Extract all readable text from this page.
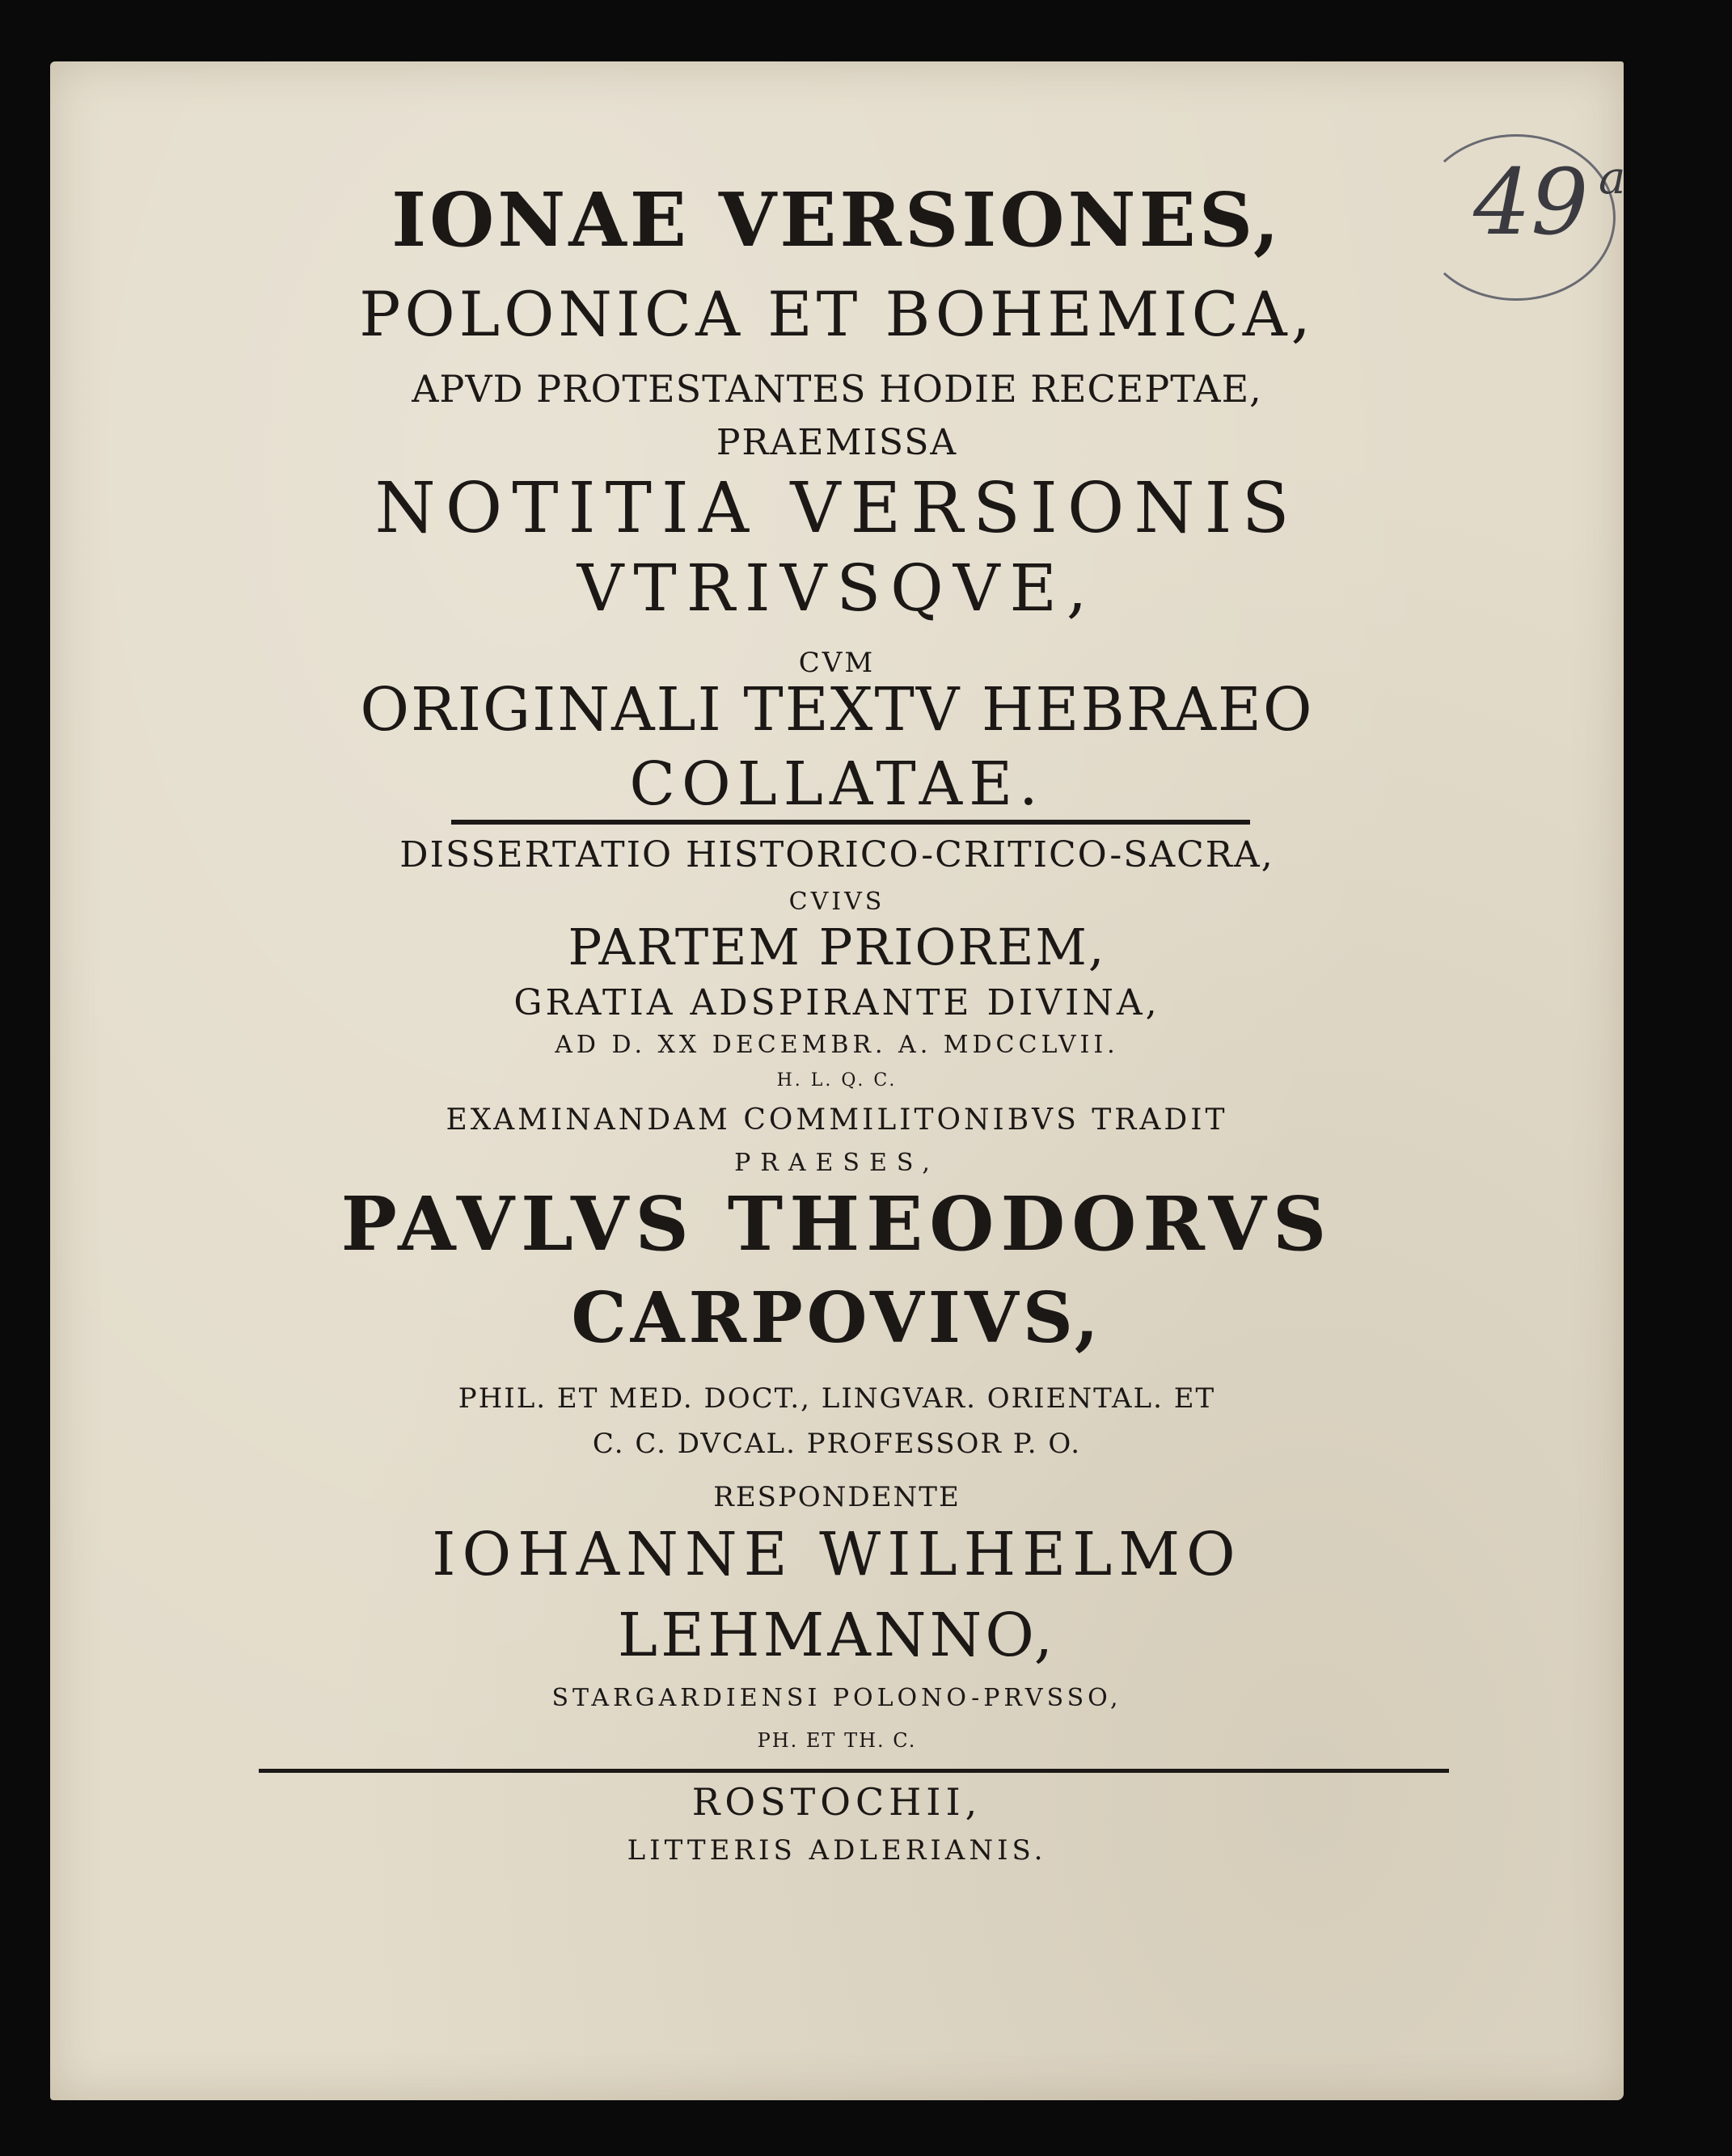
IONAE VERSIONES,
POLONICA ET BOHEMICA,
APVD PROTESTANTES HODIE RECEPTAE,
PRAEMISSA
NOTITIA VERSIONIS
VTRIVSQVE,
CVM
ORIGINALI TEXTV HEBRAEO
COLLATAE.
DISSERTATIO HISTORICO-CRITICO-SACRA,
CVIVS
PARTEM PRIOREM,
GRATIA ADSPIRANTE DIVINA,
AD D. XX DECEMBR. A. MDCCLVII.
H. L. Q. C.
EXAMINANDAM COMMILITONIBVS TRADIT
PRAESES,
PAVLVS THEODORVS
CARPOVIVS,
PHIL. ET MED. DOCT., LINGVAR. ORIENTAL. ET
C. C. DVCAL. PROFESSOR P. O.
RESPONDENTE
IOHANNE WILHELMO
LEHMANNO,
STARGARDIENSI POLONO-PRVSSO,
PH. ET TH. C.
ROSTOCHII,
LITTERIS ADLERIANIS.
49 a
